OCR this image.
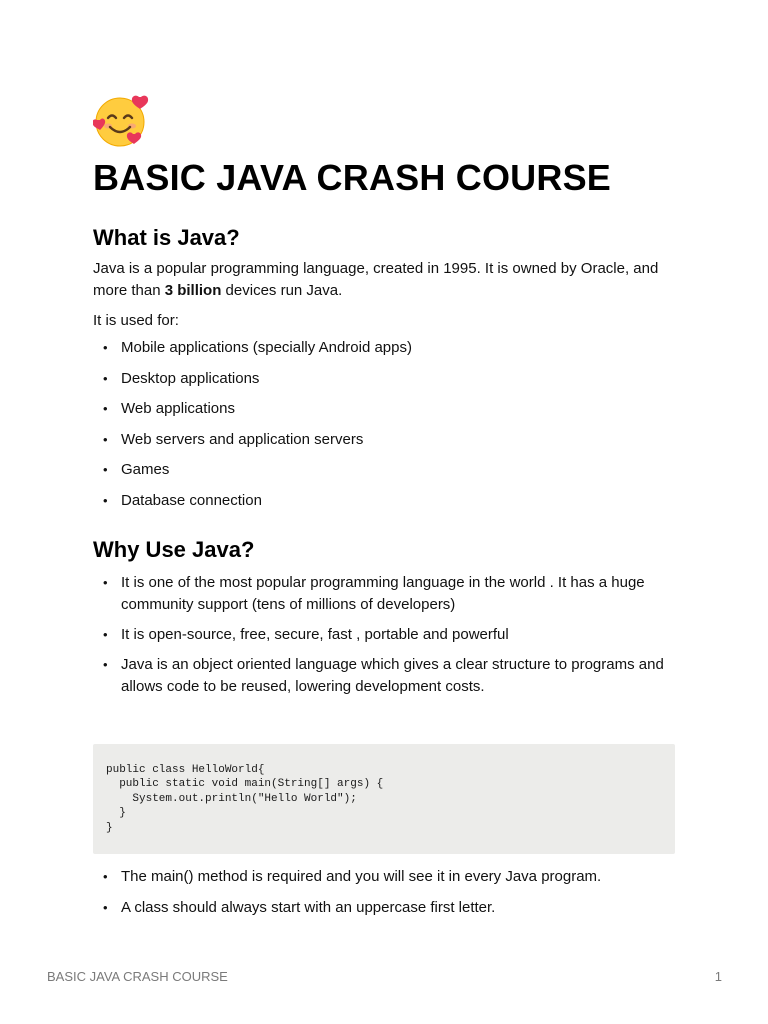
BASIC JAVA CRASH COURSE
What is Java?

Java is a popular programming language, created in 1995. It is owned by Oracle, and more than 3 billion devices run Java.

It is used for:

• Mobile applications (specially Android apps)
• Desktop applications
• Web applications
• Web servers and application servers
• Games
• Database connection
Why Use Java?
• It is one of the most popular programming language in the world . It has a huge community support (tens of millions of developers)
• It is open-source, free, secure, fast , portable and powerful
• Java is an object oriented language which gives a clear structure to programs and allows code to be reused, lowering development costs.
public class HelloWorld{
public static void main(String[] args) {
System.out.println("Hello World");
}
}
• The main() method is required and you will see it in every Java program.
• A class should always start with an uppercase first letter.
BASIC JAVA CRASH COURSE	1
